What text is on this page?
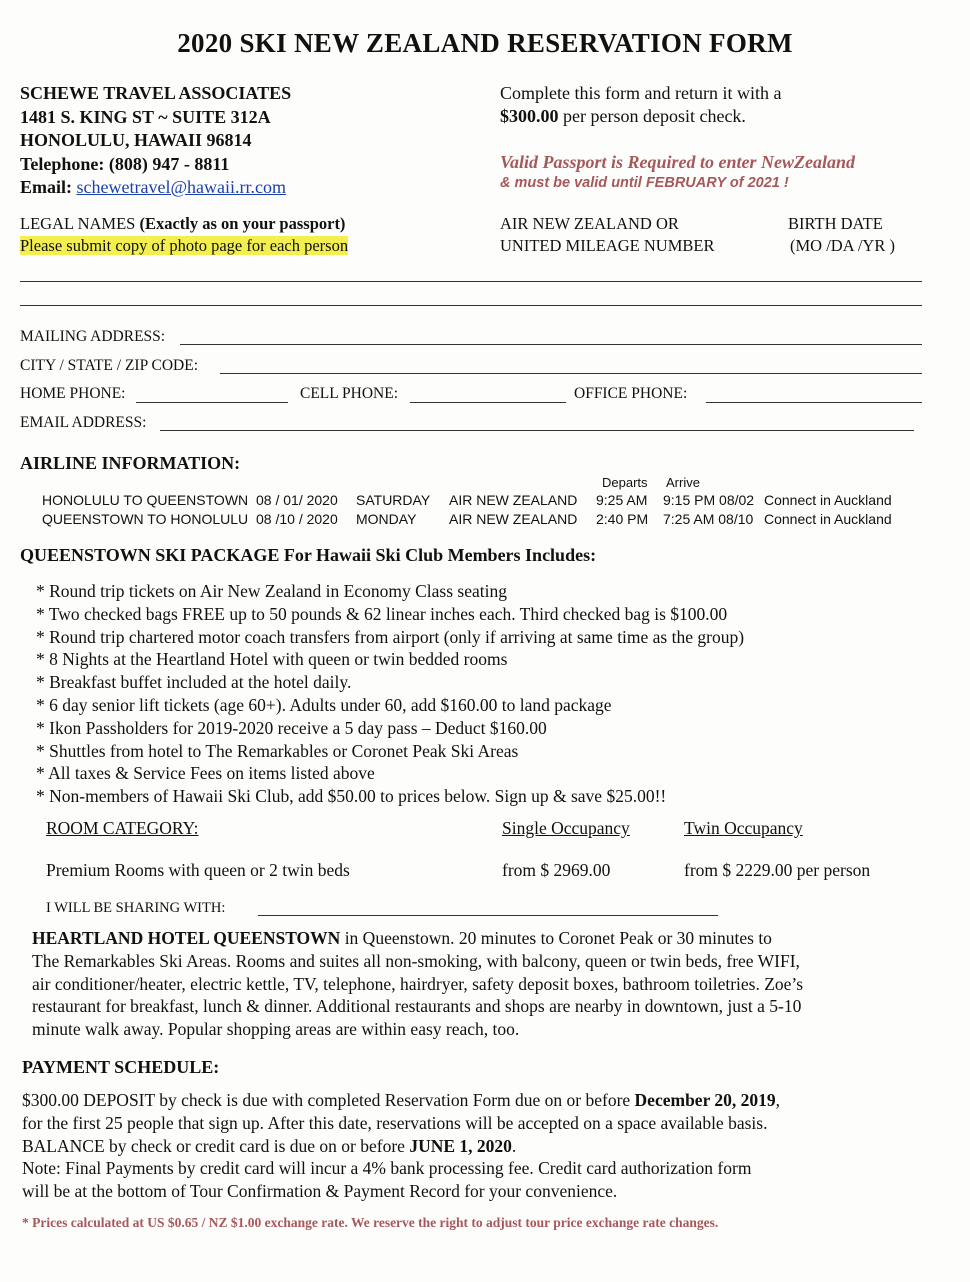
2020 SKI NEW ZEALAND RESERVATION FORM
SCHEWE TRAVEL ASSOCIATES
1481 S. KING ST ~ SUITE 312A
HONOLULU, HAWAII 96814
Telephone: (808) 947 - 8811
Email: schewetravel@hawaii.rr.com
Complete this form and return it with a
$300.00 per person deposit check.
Valid Passport is Required to enter NewZealand
& must be valid until FEBRUARY of 2021 !
LEGAL NAMES (Exactly as on your passport)
Please submit copy of photo page for each person
AIR NEW ZEALAND OR
UNITED MILEAGE NUMBER
BIRTH DATE
(MO /DA /YR )
MAILING ADDRESS:
CITY / STATE / ZIP CODE:
HOME PHONE:	CELL PHONE:	OFFICE PHONE:
EMAIL ADDRESS:
AIRLINE INFORMATION:
Departs Arrive
HONOLULU TO QUEENSTOWN 08 / 01/ 2020 SATURDAY AIR NEW ZEALAND 9:25 AM 9:15 PM 08/02 Connect in Auckland
QUEENSTOWN TO HONOLULU 08 /10 / 2020 MONDAY AIR NEW ZEALAND 2:40 PM 7:25 AM 08/10 Connect in Auckland
QUEENSTOWN SKI PACKAGE For Hawaii Ski Club Members Includes:
* Round trip tickets on Air New Zealand in Economy Class seating
* Two checked bags FREE up to 50 pounds & 62 linear inches each. Third checked bag is $100.00
* Round trip chartered motor coach transfers from airport (only if arriving at same time as the group)
* 8 Nights at the Heartland Hotel with queen or twin bedded rooms
* Breakfast buffet included at the hotel daily.
* 6 day senior lift tickets (age 60+). Adults under 60, add $160.00 to land package
* Ikon Passholders for 2019-2020 receive a 5 day pass – Deduct $160.00
* Shuttles from hotel to The Remarkables or Coronet Peak Ski Areas
* All taxes & Service Fees on items listed above
* Non-members of Hawaii Ski Club, add $50.00 to prices below. Sign up & save $25.00!!
ROOM CATEGORY:	Single Occupancy	Twin Occupancy
Premium Rooms with queen or 2 twin beds	from $ 2969.00	from $ 2229.00 per person
I WILL BE SHARING WITH:
HEARTLAND HOTEL QUEENSTOWN in Queenstown. 20 minutes to Coronet Peak or 30 minutes to
The Remarkables Ski Areas. Rooms and suites all non-smoking, with balcony, queen or twin beds, free WIFI,
air conditioner/heater, electric kettle, TV, telephone, hairdryer, safety deposit boxes, bathroom toiletries. Zoe’s
restaurant for breakfast, lunch & dinner. Additional restaurants and shops are nearby in downtown, just a 5-10
minute walk away. Popular shopping areas are within easy reach, too.
PAYMENT SCHEDULE:
$300.00 DEPOSIT by check is due with completed Reservation Form due on or before December 20, 2019,
for the first 25 people that sign up. After this date, reservations will be accepted on a space available basis.
BALANCE by check or credit card is due on or before JUNE 1, 2020.
Note: Final Payments by credit card will incur a 4% bank processing fee. Credit card authorization form
will be at the bottom of Tour Confirmation & Payment Record for your convenience.
* Prices calculated at US $0.65 / NZ $1.00 exchange rate. We reserve the right to adjust tour price exchange rate changes.
